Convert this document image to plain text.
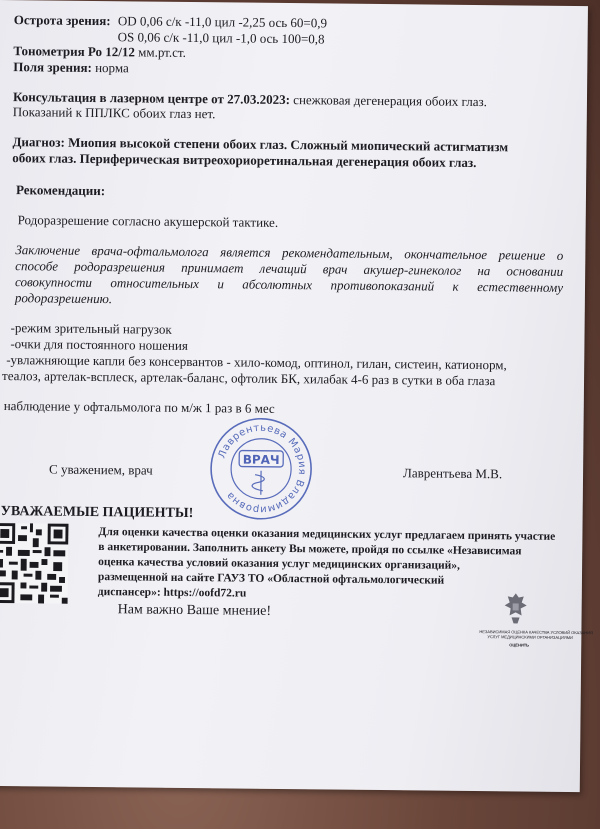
Острота зрения: OD 0,06 с/к -11,0 цил -2,25 ось 60=0,9
OS 0,06 с/к -11,0 цил -1,0 ось 100=0,8
Тонометрия Ро 12/12 мм.рт.ст.
Поля зрения: норма
Консультация в лазерном центре от 27.03.2023: снежковая дегенерация обоих глаз.
Показаний к ППЛКС обоих глаз нет.
Диагноз: Миопия высокой степени обоих глаз. Сложный миопический астигматизм
обоих глаз. Периферическая витреохориоретинальная дегенерация обоих глаз.
Рекомендации:
Родоразрешение согласно акушерской тактике.
Заключение врача-офтальмолога является рекомендательным, окончательное решение о
способе родоразрешения принимает лечащий врач акушер-гинеколог на основании
совокупности относительных и абсолютных противопоказаний к естественному
родоразрешению.
-режим зрительный нагрузок
-очки для постоянного ношения
-увлажняющие капли без консервантов - хило-комод, оптинол, гилан, систеин, катионорм,
теалоз, артелак-всплеск, артелак-баланс, офтолик БК, хилабак 4-6 раз в сутки в оба глаза
наблюдение у офтальмолога по м/ж 1 раз в 6 мес
С уважением, врач	Лаврентьева М.В.
Лаврентьева Мария Владимировна
ВРАЧ
УВАЖАЕМЫЕ ПАЦИЕНТЫ!
Для оценки качества оценки оказания медицинских услуг предлагаем принять участие
в анкетировании. Заполнить анкету Вы можете, пройдя по ссылке «Независимая
оценка качества условий оказания услуг медицинских организаций»,
размещенной на сайте ГАУЗ ТО «Областной офтальмологический
диспансер»: https://oofd72.ru
Нам важно Ваше мнение!
НЕЗАВИСИМАЯ ОЦЕНКА КАЧЕСТВА УСЛОВИЙ ОКАЗАНИЯ
УСЛУГ МЕДИЦИНСКИМИ ОРГАНИЗАЦИЯМИ
ОЦЕНИТЬ
